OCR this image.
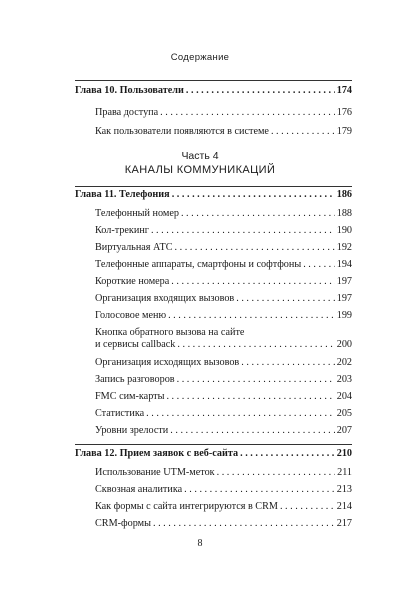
Содержание
Глава 10. Пользователи . . .	174
Права доступа . . .	176
Как пользователи появляются в системе . . .	179
Глава 11. Телефония . . .	186
Телефонный номер . . .	188
Кол-трекинг . . .	190
Виртуальная АТС . . .	192
Телефонные аппараты, смартфоны и софтфоны . . .	194
Короткие номера . . .	197
Организация входящих вызовов . . .	197
Голосовое меню . . .	199
Кнопка обратного вызова на сайте
и сервисы callback . . .	200
Организация исходящих вызовов . . .	202
Запись разговоров . . .	203
FMC сим-карты . . .	204
Статистика . . .	205
Уровни зрелости . . .	207
Глава 12. Прием заявок с веб-сайта . . .	210
Использование UTM-меток . . .	211
Сквозная аналитика . . .	213
Как формы с сайта интегрируются в CRM . . .	214
CRM-формы . . .	217
Часть 4
КАНАЛЫ КОММУНИКАЦИЙ
8
